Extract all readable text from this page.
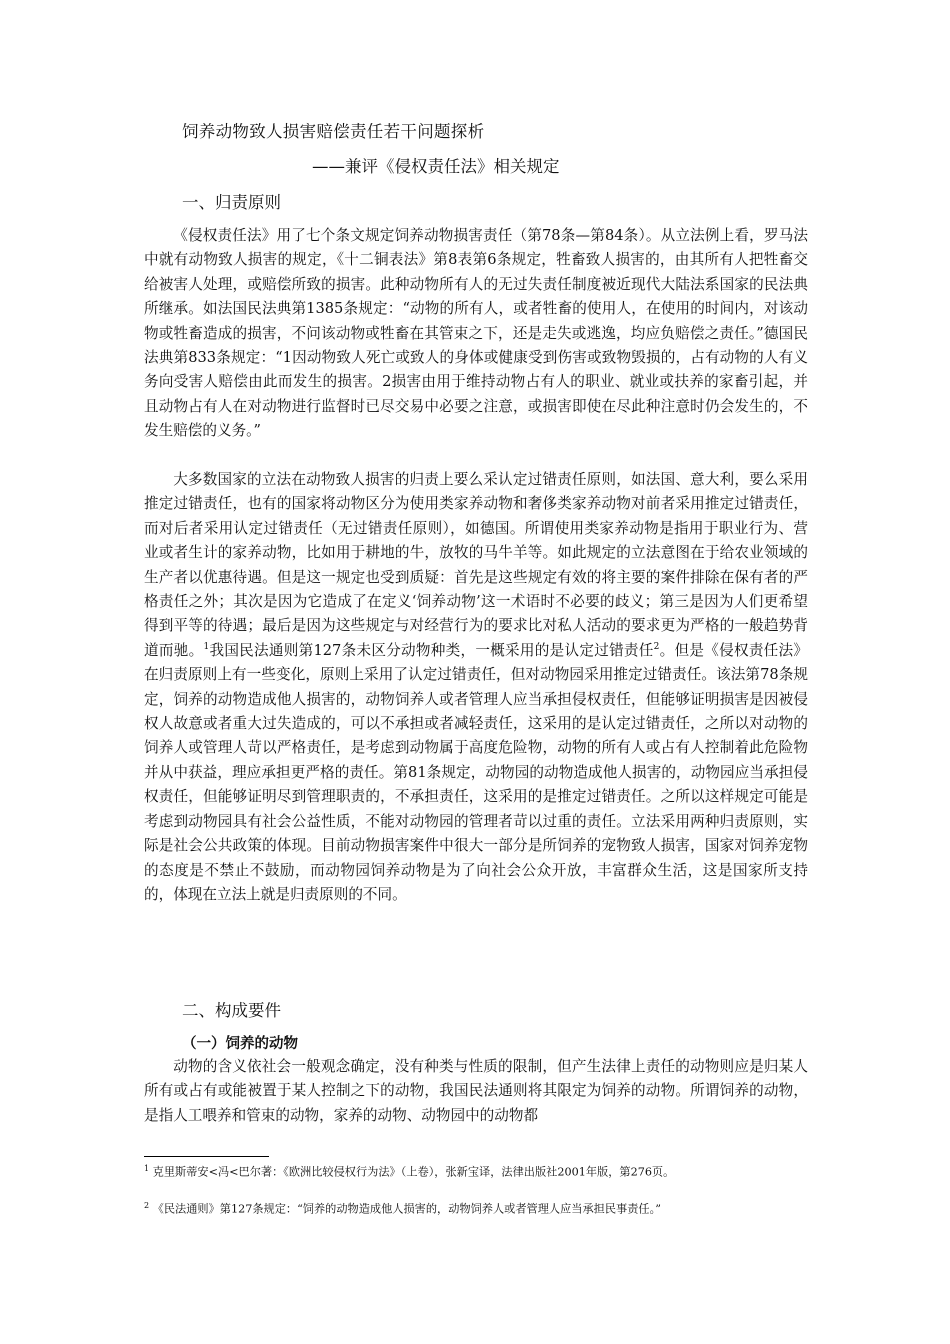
饲养动物致人损害赔偿责任若干问题探析
——兼评《侵权责任法》相关规定
一、归责原则

《侵权责任法》用了七个条文规定饲养动物损害责任（第78条—第84条）。从立法例上看，罗马法中就有动物致人损害的规定，《十二铜表法》第8表第6条规定，牲畜致人损害的，由其所有人把牲畜交给被害人处理，或赔偿所致的损害。此种动物所有人的无过失责任制度被近现代大陆法系国家的民法典所继承。如法国民法典第1385条规定：“动物的所有人，或者牲畜的使用人，在使用的时间内，对该动物或牲畜造成的损害，不问该动物或牲畜在其管束之下，还是走失或逃逸，均应负赔偿之责任。”德国民法典第833条规定：“1因动物致人死亡或致人的身体或健康受到伤害或致物毁损的，占有动物的人有义务向受害人赔偿由此而发生的损害。2损害由用于维持动物占有人的职业、就业或扶养的家畜引起，并且动物占有人在对动物进行监督时已尽交易中必要之注意，或损害即使在尽此种注意时仍会发生的，不发生赔偿的义务。”

大多数国家的立法在动物致人损害的归责上要么采认定过错责任原则，如法国、意大利，要么采用推定过错责任，也有的国家将动物区分为使用类家养动物和奢侈类家养动物对前者采用推定过错责任，而对后者采用认定过错责任（无过错责任原则），如德国。所谓使用类家养动物是指用于职业行为、营业或者生计的家养动物，比如用于耕地的牛，放牧的马牛羊等。如此规定的立法意图在于给农业领域的生产者以优惠待遇。但是这一规定也受到质疑：首先是这些规定有效的将主要的案件排除在保有者的严格责任之外；其次是因为它造成了在定义‘饲养动物’这一术语时不必要的歧义；第三是因为人们更希望得到平等的待遇；最后是因为这些规定与对经营行为的要求比对私人活动的要求更为严格的一般趋势背道而驰。$^1$我国民法通则第127条未区分动物种类，一概采用的是认定过错责任$^2$。但是《侵权责任法》在归责原则上有一些变化，原则上采用了认定过错责任，但对动物园采用推定过错责任。该法第78条规定，饲养的动物造成他人损害的，动物饲养人或者管理人应当承担侵权责任，但能够证明损害是因被侵权人故意或者重大过失造成的，可以不承担或者减轻责任，这采用的是认定过错责任，之所以对动物的饲养人或管理人苛以严格责任，是考虑到动物属于高度危险物，动物的所有人或占有人控制着此危险物并从中获益，理应承担更严格的责任。第81条规定，动物园的动物造成他人损害的，动物园应当承担侵权责任，但能够证明尽到管理职责的，不承担责任，这采用的是推定过错责任。之所以这样规定可能是考虑到动物园具有社会公益性质，不能对动物园的管理者苛以过重的责任。立法采用两种归责原则，实际是社会公共政策的体现。目前动物损害案件中很大一部分是所饲养的宠物致人损害，国家对饲养宠物的态度是不禁止不鼓励，而动物园饲养动物是为了向社会公众开放，丰富群众生活，这是国家所支持的，体现在立法上就是归责原则的不同。

二、构成要件
（一）饲养的动物

动物的含义依社会一般观念确定，没有种类与性质的限制，但产生法律上责任的动物则应是归某人所有或占有或能被置于某人控制之下的动物，我国民法通则将其限定为饲养的动物。所谓饲养的动物，是指人工喂养和管束的动物，家养的动物、动物园中的动物都

$^1$ 克里斯蒂安<冯<巴尔著：《欧洲比较侵权行为法》（上卷），张新宝译，法律出版社2001年版，第276页。

$^2$ 《民法通则》第127条规定：“饲养的动物造成他人损害的，动物饲养人或者管理人应当承担民事责任。”
